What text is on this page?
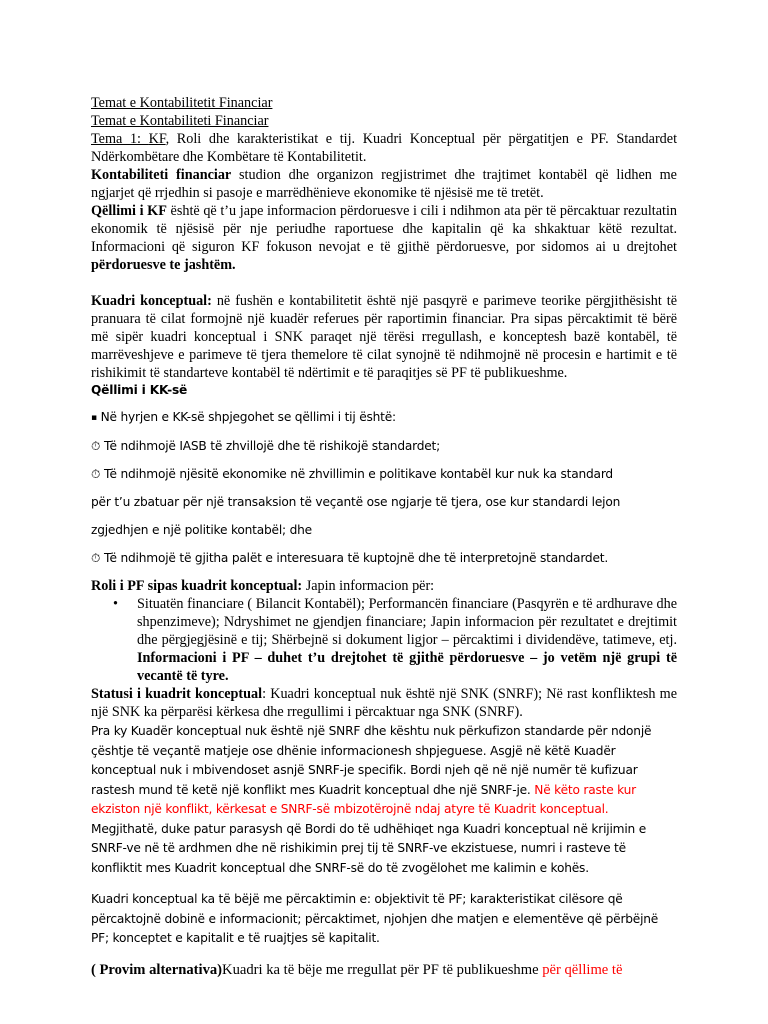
Temat e Kontabilitetit Financiar

Temat e Kontabiliteti Financiar

Tema 1: KF, Roli dhe karakteristikat e tij. Kuadri Konceptual për përgatitjen e PF. Standardet Ndërkombëtare dhe Kombëtare të Kontabilitetit.

Kontabiliteti financiar studion dhe organizon regjistrimet dhe trajtimet kontabël që lidhen me ngjarjet që rrjedhin si pasoje e marrëdhënieve ekonomike të njësisë me të tretët.

Qëllimi i KF është që t’u jape informacion përdoruesve i cili i ndihmon ata për të përcaktuar rezultatin ekonomik të njësisë për nje periudhe raportuese dhe kapitalin që ka shkaktuar këtë rezultat. Informacioni që siguron KF fokuson nevojat e të gjithë përdoruesve, por sidomos ai u drejtohet përdoruesve te jashtëm.

Kuadri konceptual: në fushën e kontabilitetit është një pasqyrë e parimeve teorike përgjithësisht të pranuara të cilat formojnë një kuadër referues për raportimin financiar. Pra sipas përcaktimit të bërë më sipër kuadri konceptual i SNK paraqet një tërësi rregullash, e konceptesh bazë kontabël, të marrëveshjeve e parimeve të tjera themelore të cilat synojnë të ndihmojnë në procesin e hartimit e të rishikimit të standarteve kontabël të ndërtimit e të paraqitjes së PF të publikueshme.

Qëllimi i KK-së

▪ Në hyrjen e KK-së shpjegohet se qëllimi i tij është:

⏱ Të ndihmojë IASB të zhvillojë dhe të rishikojë standardet;

⏱ Të ndihmojë njësitë ekonomike në zhvillimin e politikave kontabël kur nuk ka standard

për t’u zbatuar për një transaksion të veçantë ose ngjarje të tjera, ose kur standardi lejon

zgjedhjen e një politike kontabël; dhe

⏱ Të ndihmojë të gjitha palët e interesuara të kuptojnë dhe të interpretojnë standardet.

Roli i PF sipas kuadrit konceptual: Japin informacion për:

• Situatën financiare ( Bilancit Kontabël); Performancën financiare (Pasqyrën e të ardhurave dhe shpenzimeve); Ndryshimet ne gjendjen financiare; Japin informacion për rezultatet e drejtimit dhe përgjegjësinë e tij; Shërbejnë si dokument ligjor – përcaktimi i dividendëve, tatimeve, etj. Informacioni i PF – duhet t’u drejtohet të gjithë përdoruesve – jo vetëm një grupi të vecantë të tyre.

Statusi i kuadrit konceptual: Kuadri konceptual nuk është një SNK (SNRF); Në rast konfliktesh me një SNK ka përparësi kërkesa dhe rregullimi i përcaktuar nga SNK (SNRF).

Pra ky Kuadër konceptual nuk është një SNRF dhe kështu nuk përkufizon standarde për ndonjë çështje të veçantë matjeje ose dhënie informacionesh shpjeguese. Asgjë në këtë Kuadër konceptual nuk i mbivendoset asnjë SNRF-je specifik. Bordi njeh që në një numër të kufizuar rastesh mund të ketë një konflikt mes Kuadrit konceptual dhe një SNRF-je. Në këto raste kur ekziston një konflikt, kërkesat e SNRF-së mbizotërojnë ndaj atyre të Kuadrit konceptual. Megjithatë, duke patur parasysh që Bordi do të udhëhiqet nga Kuadri konceptual në krijimin e SNRF-ve në të ardhmen dhe në rishikimin prej tij të SNRF-ve ekzistuese, numri i rasteve të konfliktit mes Kuadrit konceptual dhe SNRF-së do të zvogëlohet me kalimin e kohës.

Kuadri konceptual ka të bëjë me përcaktimin e: objektivit të PF; karakteristikat cilësore që përcaktojnë dobinë e informacionit; përcaktimet, njohjen dhe matjen e elementëve që përbëjnë PF; konceptet e kapitalit e të ruajtjes së kapitalit.

( Provim alternativa)Kuadri ka të bëje me rregullat për PF të publikueshme për qëllime të
